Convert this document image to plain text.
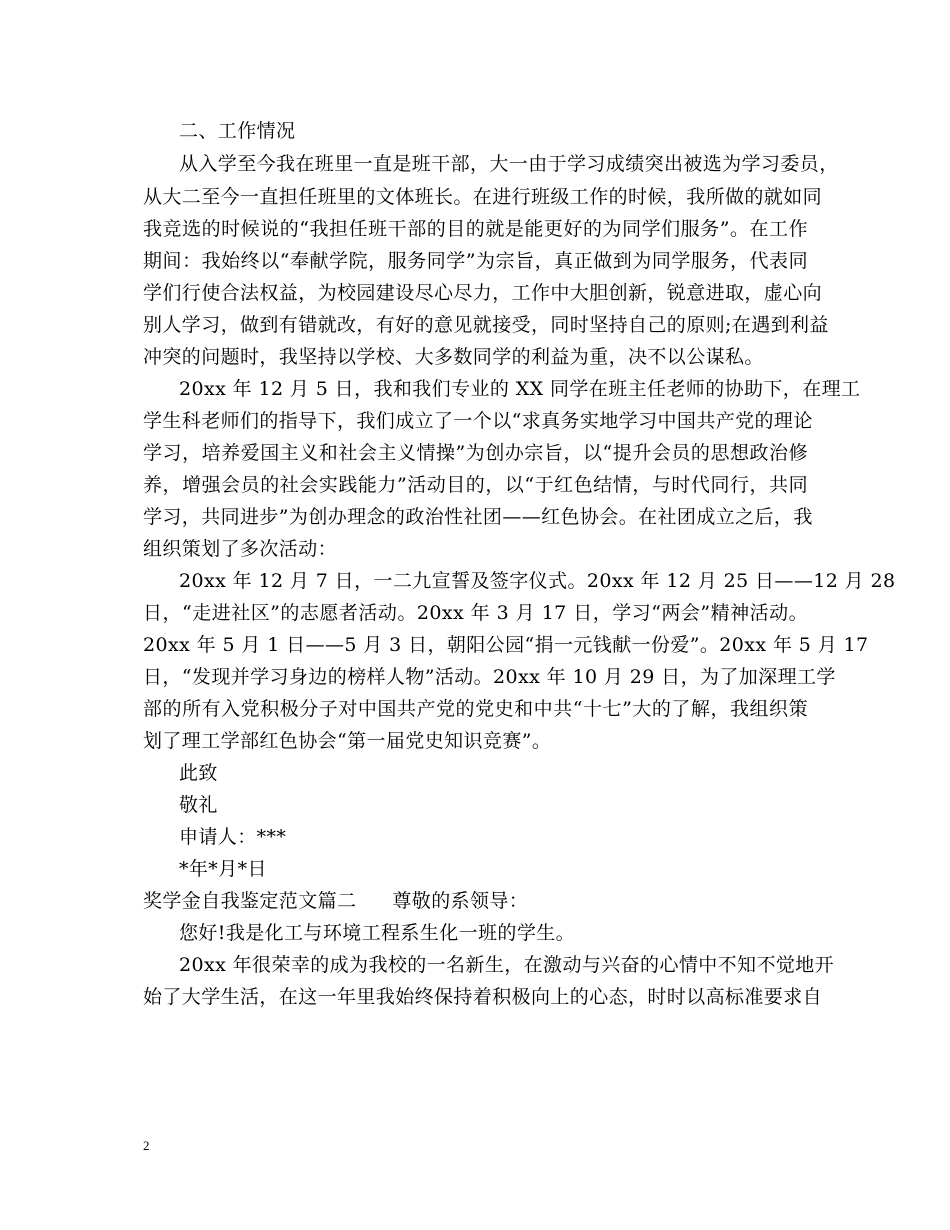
二、工作情况
从入学至今我在班里一直是班干部，大一由于学习成绩突出被选为学习委员，
从大二至今一直担任班里的文体班长。在进行班级工作的时候，我所做的就如同
我竞选的时候说的“我担任班干部的目的就是能更好的为同学们服务”。在工作
期间：我始终以“奉献学院，服务同学”为宗旨，真正做到为同学服务，代表同
学们行使合法权益，为校园建设尽心尽力，工作中大胆创新，锐意进取，虚心向
别人学习，做到有错就改，有好的意见就接受，同时坚持自己的原则;在遇到利益
冲突的问题时，我坚持以学校、大多数同学的利益为重，决不以公谋私。
20xx 年 12 月 5 日，我和我们专业的 XX 同学在班主任老师的协助下，在理工
学生科老师们的指导下，我们成立了一个以“求真务实地学习中国共产党的理论
学习，培养爱国主义和社会主义情操”为创办宗旨，以“提升会员的思想政治修
养，增强会员的社会实践能力”活动目的，以“于红色结情，与时代同行，共同
学习，共同进步”为创办理念的政治性社团——红色协会。在社团成立之后，我
组织策划了多次活动：
20xx 年 12 月 7 日，一二九宣誓及签字仪式。20xx 年 12 月 25 日——12 月 28
日，“走进社区”的志愿者活动。20xx 年 3 月 17 日，学习“两会”精神活动。
20xx 年 5 月 1 日——5 月 3 日，朝阳公园“捐一元钱献一份爱”。20xx 年 5 月 17
日，“发现并学习身边的榜样人物”活动。20xx 年 10 月 29 日，为了加深理工学
部的所有入党积极分子对中国共产党的党史和中共“十七”大的了解，我组织策
划了理工学部红色协会“第一届党史知识竞赛”。
此致
敬礼
申请人：***
*年*月*日
奖学金自我鉴定范文篇二 尊敬的系领导：
您好!我是化工与环境工程系生化一班的学生。
20xx 年很荣幸的成为我校的一名新生，在激动与兴奋的心情中不知不觉地开
始了大学生活，在这一年里我始终保持着积极向上的心态，时时以高标准要求自
2
